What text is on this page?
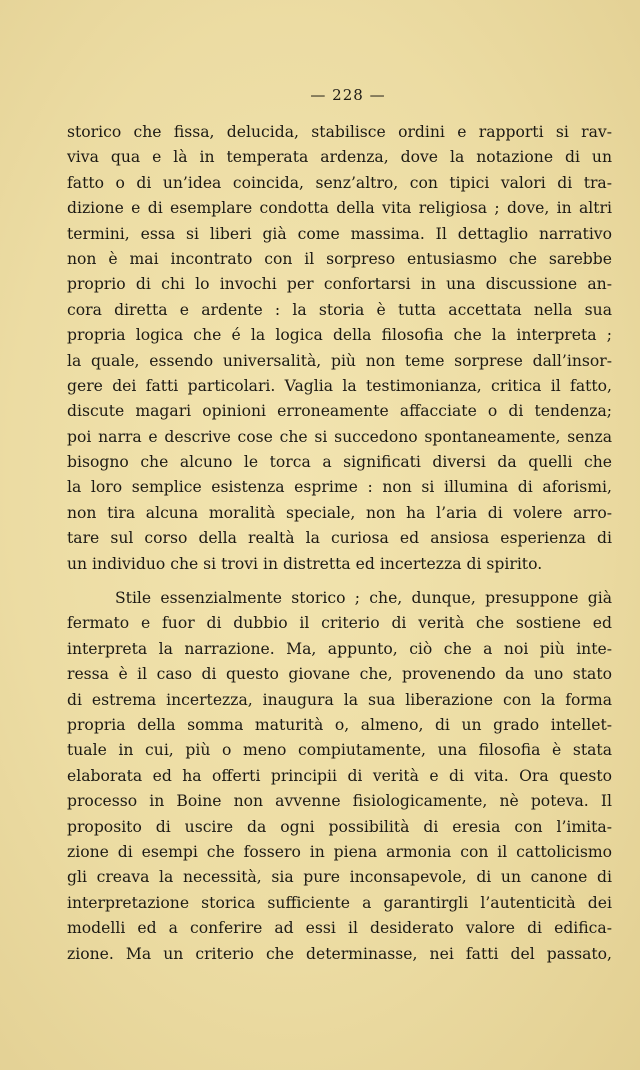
— 228 —
storico che fissa, delucida, stabilisce ordini e rapporti si rav-
viva qua e là in temperata ardenza, dove la notazione di un
fatto o di un’idea coincida, senz’altro, con tipici valori di tra-
dizione e di esemplare condotta della vita religiosa ; dove, in altri
termini, essa si liberi già come massima. Il dettaglio narrativo
non è mai incontrato con il sorpreso entusiasmo che sarebbe
proprio di chi lo invochi per confortarsi in una discussione an-
cora diretta e ardente : la storia è tutta accettata nella sua
propria logica che é la logica della filosofia che la interpreta ;
la quale, essendo universalità, più non teme sorprese dall’insor-
gere dei fatti particolari. Vaglia la testimonianza, critica il fatto,
discute magari opinioni erroneamente affacciate o di tendenza;
poi narra e descrive cose che si succedono spontaneamente, senza
bisogno che alcuno le torca a significati diversi da quelli che
la loro semplice esistenza esprime : non si illumina di aforismi,
non tira alcuna moralità speciale, non ha l’aria di volere arro-
tare sul corso della realtà la curiosa ed ansiosa esperienza di
un individuo che si trovi in distretta ed incertezza di spirito.
Stile essenzialmente storico ; che, dunque, presuppone già
fermato e fuor di dubbio il criterio di verità che sostiene ed
interpreta la narrazione. Ma, appunto, ciò che a noi più inte-
ressa è il caso di questo giovane che, provenendo da uno stato
di estrema incertezza, inaugura la sua liberazione con la forma
propria della somma maturità o, almeno, di un grado intellet-
tuale in cui, più o meno compiutamente, una filosofia è stata
elaborata ed ha offerti principii di verità e di vita. Ora questo
processo in Boine non avvenne fisiologicamente, nè poteva. Il
proposito di uscire da ogni possibilità di eresia con l’imita-
zione di esempi che fossero in piena armonia con il cattolicismo
gli creava la necessità, sia pure inconsapevole, di un canone di
interpretazione storica sufficiente a garantirgli l’autenticità dei
modelli ed a conferire ad essi il desiderato valore di edifica-
zione. Ma un criterio che determinasse, nei fatti del passato,
